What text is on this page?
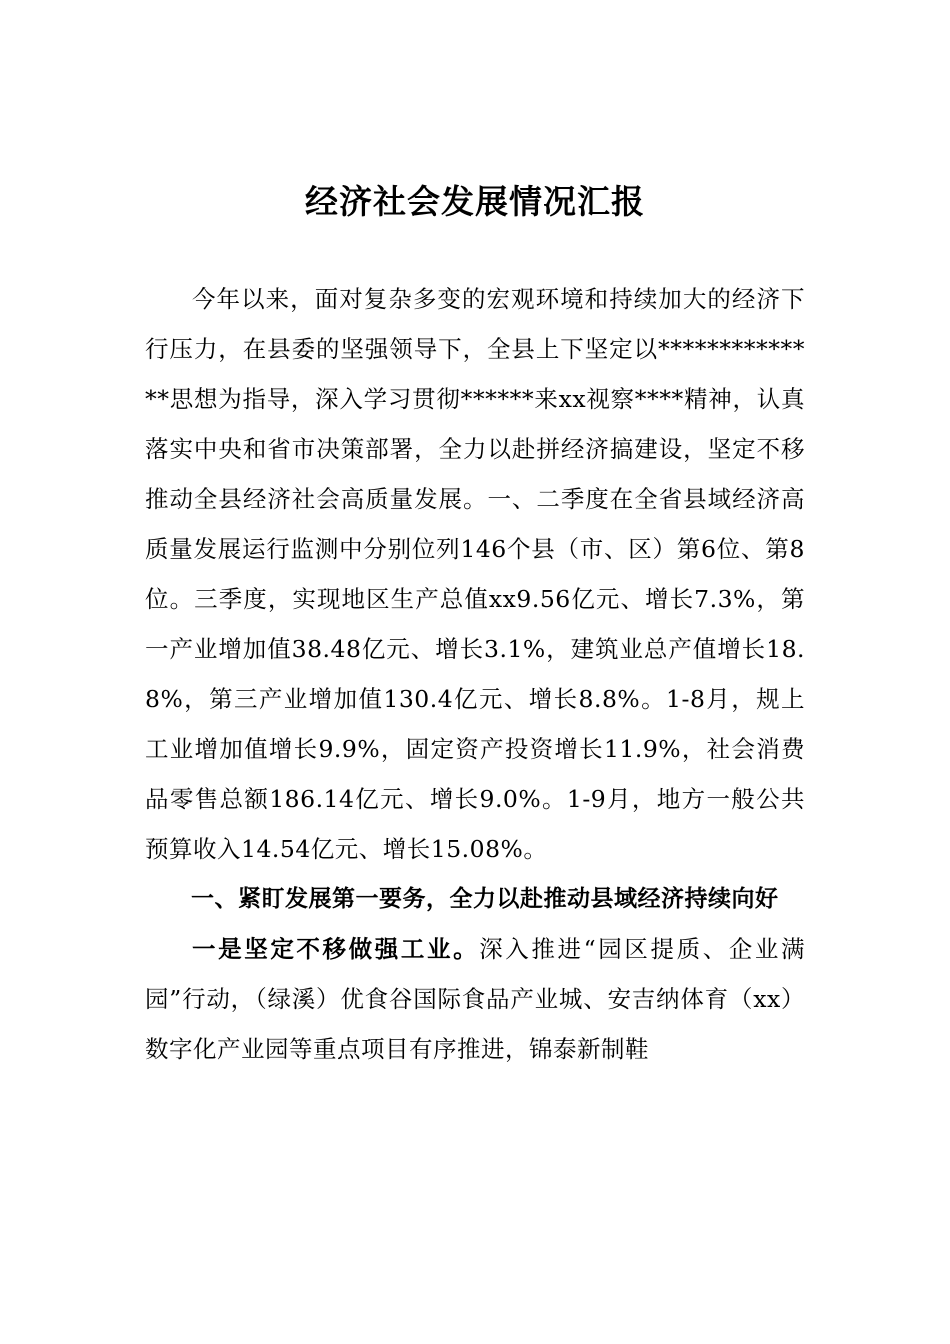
经济社会发展情况汇报

今年以来，面对复杂多变的宏观环境和持续加大的经济下行压力，在县委的坚强领导下，全县上下坚定以**************思想为指导，深入学习贯彻******来xx视察****精神，认真落实中央和省市决策部署，全力以赴拼经济搞建设，坚定不移推动全县经济社会高质量发展。一、二季度在全省县域经济高质量发展运行监测中分别位列146个县（市、区）第6位、第8位。三季度，实现地区生产总值xx9.56亿元、增长7.3%，第一产业增加值38.48亿元、增长3.1%，建筑业总产值增长18.8%，第三产业增加值130.4亿元、增长8.8%。1-8月，规上工业增加值增长9.9%，固定资产投资增长11.9%，社会消费品零售总额186.14亿元、增长9.0%。1-9月，地方一般公共预算收入14.54亿元、增长15.08%。

一、紧盯发展第一要务，全力以赴推动县域经济持续向好

一是坚定不移做强工业。深入推进“园区提质、企业满园”行动，（绿溪）优食谷国际食品产业城、安吉纳体育（xx）数字化产业园等重点项目有序推进，锦泰新制鞋
